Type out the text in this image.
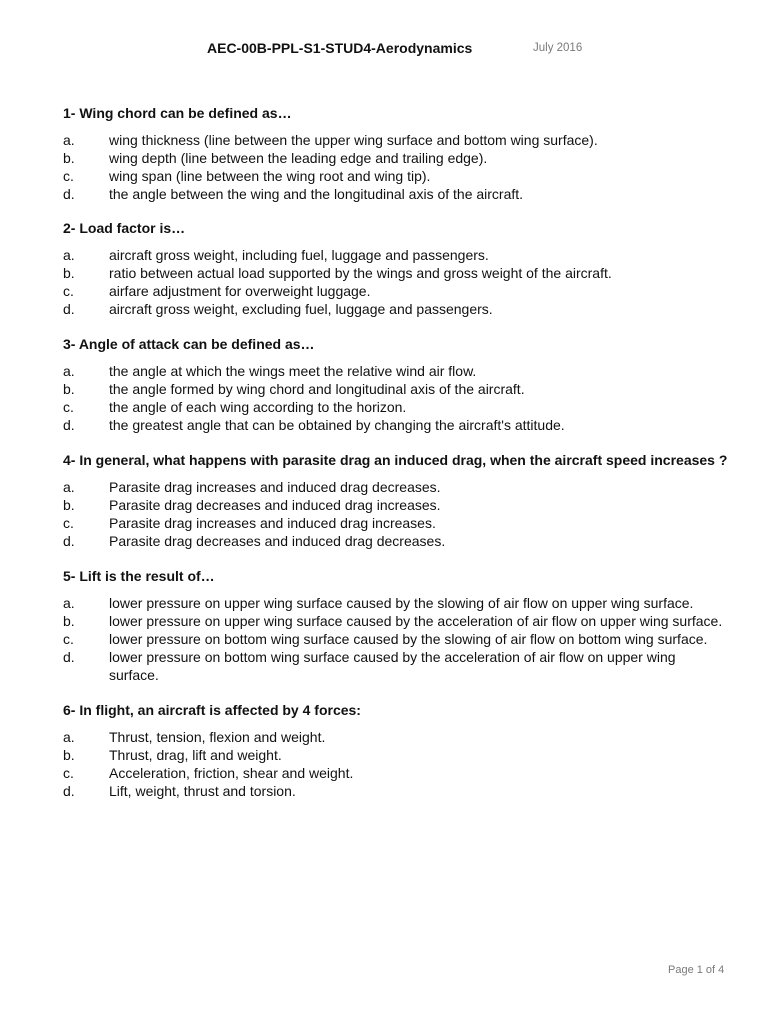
AEC-00B-PPL-S1-STUD4-Aerodynamics	July 2016
1- Wing chord can be defined as…
a.	wing thickness (line between the upper wing surface and bottom wing surface).
b.	wing depth (line between the leading edge and trailing edge).
c.	wing span (line between the wing root and wing tip).
d.	the angle between the wing and the longitudinal axis of the aircraft.
2- Load factor is…
a.	aircraft gross weight, including fuel, luggage and passengers.
b.	ratio between actual load supported by the wings and gross weight of the aircraft.
c.	airfare adjustment for overweight luggage.
d.	aircraft gross weight, excluding fuel, luggage and passengers.
3- Angle of attack can be defined as…
a.	the angle at which the wings meet the relative wind air flow.
b.	the angle formed by wing chord and longitudinal axis of the aircraft.
c.	the angle of each wing according to the horizon.
d.	the greatest angle that can be obtained by changing the aircraft's attitude.
4- In general, what happens with parasite drag an induced drag, when the aircraft speed increases ?
a.	Parasite drag increases and induced drag decreases.
b.	Parasite drag decreases and induced drag increases.
c.	Parasite drag increases and induced drag increases.
d.	Parasite drag decreases and induced drag decreases.
5- Lift is the result of…
a.	lower pressure on upper wing surface caused by the slowing of air flow on upper wing surface.
b.	lower pressure on upper wing surface caused by the acceleration of air flow on upper wing surface.
c.	lower pressure on bottom wing surface caused by the slowing of air flow on bottom wing surface.
d.	lower pressure on bottom wing surface caused by the acceleration of air flow on upper wing surface.
6- In flight, an aircraft is affected by 4 forces:
a.	Thrust, tension, flexion and weight.
b.	Thrust, drag, lift and weight.
c.	Acceleration, friction, shear and weight.
d.	Lift, weight, thrust and torsion.
Page 1 of 4
